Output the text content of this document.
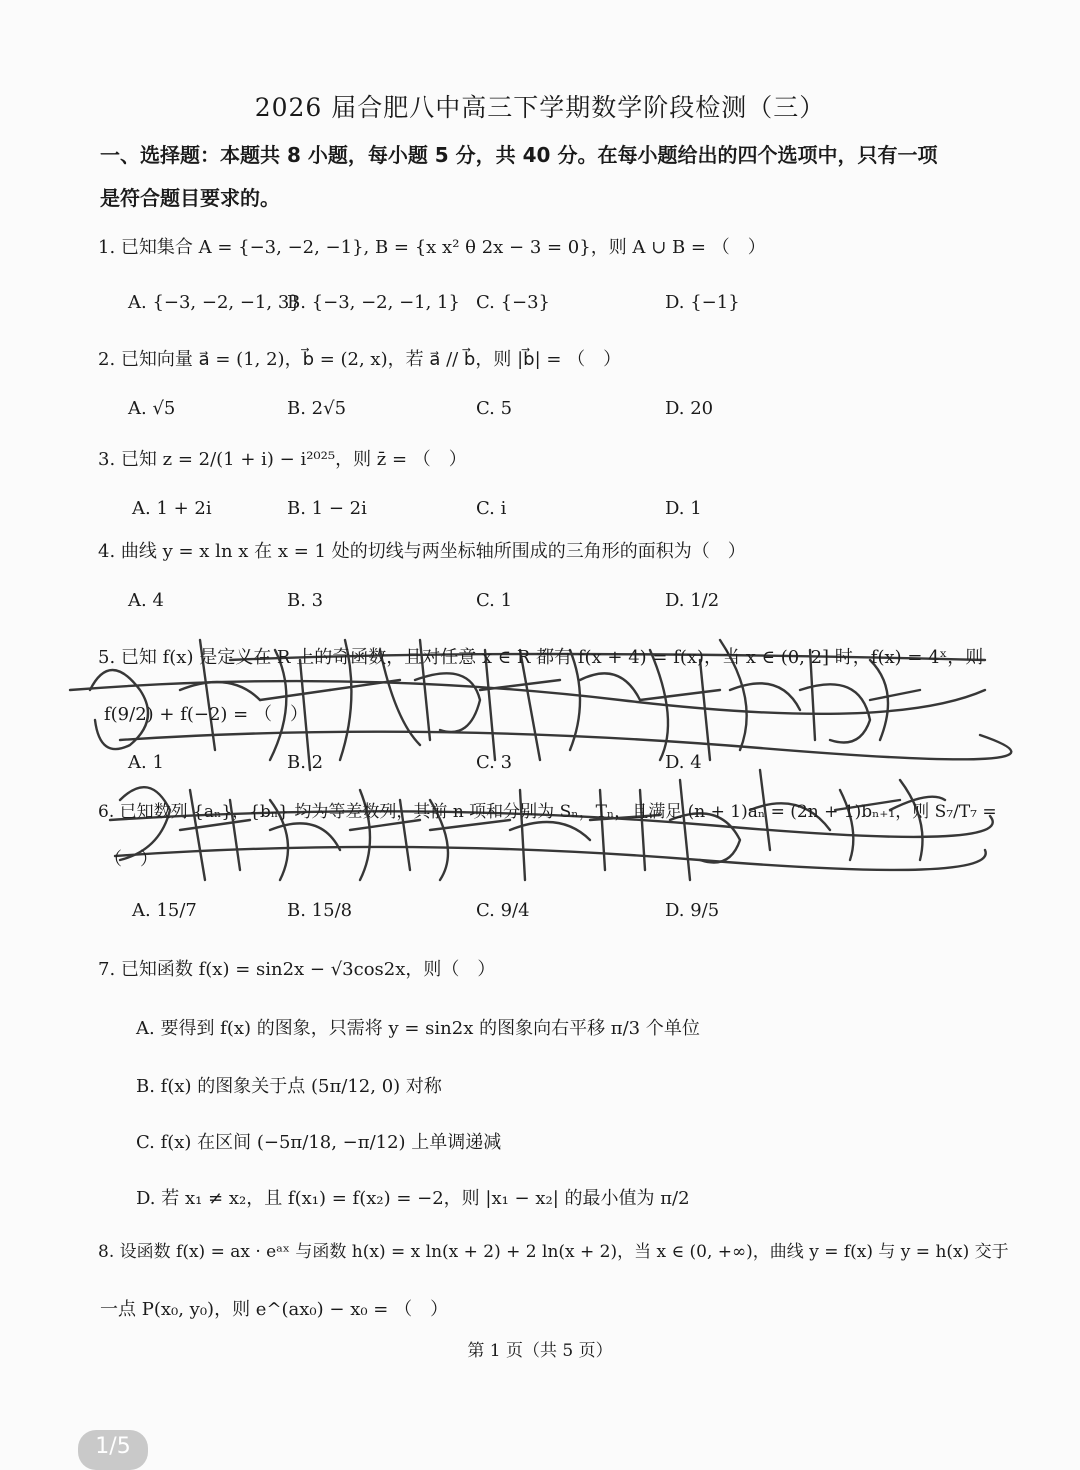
2026 届合肥八中高三下学期数学阶段检测（三）
一、选择题：本题共 8 小题，每小题 5 分，共 40 分。在每小题给出的四个选项中，只有一项
是符合题目要求的。
1. 已知集合 A = {−3, −2, −1}, B = {x x² θ 2x − 3 = 0}，则 A ∪ B = （　）
A. {−3, −2, −1, 3}
B. {−3, −2, −1, 1} C. {−3}	D. {−1}
2. 已知向量 a⃗ = (1, 2)，b⃗ = (2, x)，若 a⃗ // b⃗，则 |b⃗| = （　）
A. √5	B. 2√5	C. 5	D. 20
3. 已知 z = 2/(1 + i) − i²⁰²⁵，则 z̄ = （　）
A. 1 + 2i	B. 1 − 2i	C. i	D. 1
4. 曲线 y = x ln x 在 x = 1 处的切线与两坐标轴所围成的三角形的面积为（　）
A. 4	B. 3	C. 1	D. 1/2
5. 已知 f(x) 是定义在 R 上的奇函数，且对任意 x ∈ R 都有 f(x + 4) = f(x)，当 x ∈ (0, 2] 时，f(x) = 4ˣ，则
f(9/2) + f(−2) = （　）
A. 1	B. 2	C. 3	D. 4
6. 已知数列 {aₙ}，{bₙ} 均为等差数列，其前 n 项和分别为 Sₙ，Tₙ，且满足 (n + 1)aₙ = (2n + 1)bₙ₊₁，则 S₇/T₇ =
（　）
A. 15/7	B. 15/8	C. 9/4	D. 9/5
7. 已知函数 f(x) = sin2x − √3cos2x，则（　）
A. 要得到 f(x) 的图象，只需将 y = sin2x 的图象向右平移 π/3 个单位
B. f(x) 的图象关于点 (5π/12, 0) 对称
C. f(x) 在区间 (−5π/18, −π/12) 上单调递减
D. 若 x₁ ≠ x₂，且 f(x₁) = f(x₂) = −2，则 |x₁ − x₂| 的最小值为 π/2
8. 设函数 f(x) = ax · eᵃˣ 与函数 h(x) = x ln(x + 2) + 2 ln(x + 2)，当 x ∈ (0, +∞)，曲线 y = f(x) 与 y = h(x) 交于
一点 P(x₀, y₀)，则 e^(ax₀) − x₀ = （　）
第 1 页（共 5 页）
1/5
